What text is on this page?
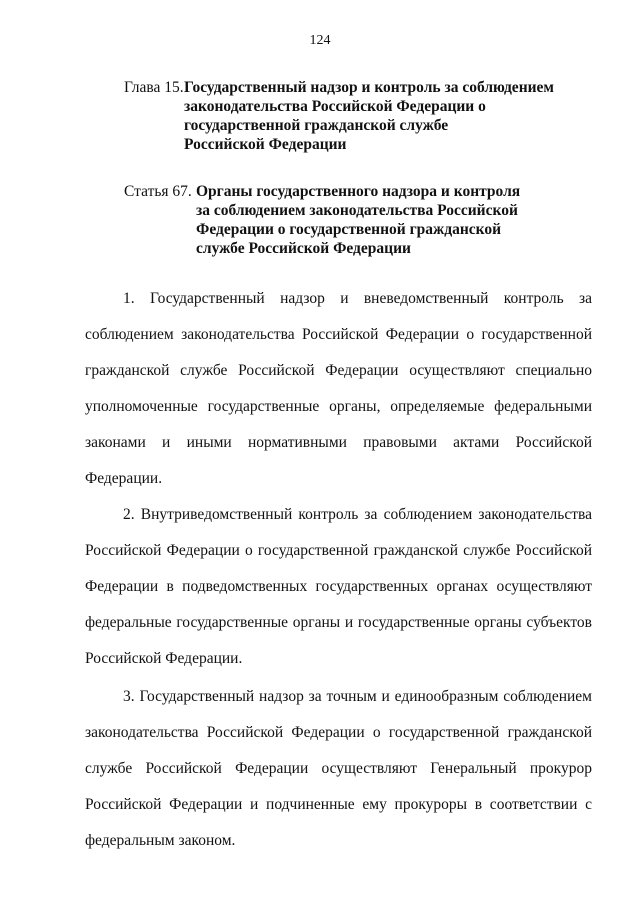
124
Глава 15. Государственный надзор и контроль за соблюдением
законодательства Российской Федерации о
государственной гражданской службе
Российской Федерации
Статья 67. Органы государственного надзора и контроля
за соблюдением законодательства Российской
Федерации о государственной гражданской
службе Российской Федерации

1. Государственный надзор и вневедомственный контроль за соблюдением законодательства Российской Федерации о государственной гражданской службе Российской Федерации осуществляют специально уполномоченные государственные органы, определяемые федеральными законами и иными нормативными правовыми актами Российской Федерации.

2. Внутриведомственный контроль за соблюдением законодательства Российской Федерации о государственной гражданской службе Российской Федерации в подведомственных государственных органах осуществляют федеральные государственные органы и государственные органы субъектов Российской Федерации.

3. Государственный надзор за точным и единообразным соблюдением законодательства Российской Федерации о государственной гражданской службе Российской Федерации осуществляют Генеральный прокурор Российской Федерации и подчиненные ему прокуроры в соответствии с федеральным законом.
